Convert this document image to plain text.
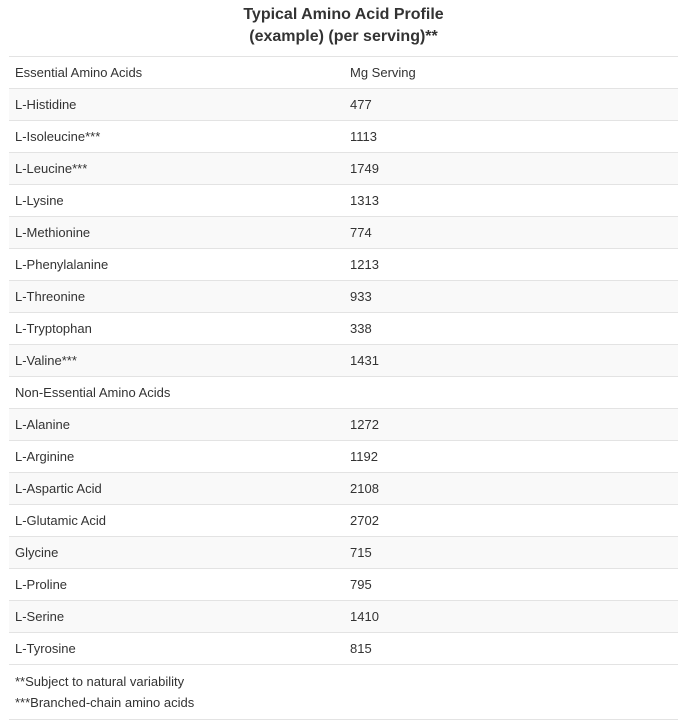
Typical Amino Acid Profile
(example) (per serving)**
Essential Amino Acids	Mg Serving
L-Histidine	477
L-Isoleucine***	1113
L-Leucine***	1749
L-Lysine	1313
L-Methionine	774
L-Phenylalanine	1213
L-Threonine	933
L-Tryptophan	338
L-Valine***	1431
Non-Essential Amino Acids	
L-Alanine	1272
L-Arginine	1192
L-Aspartic Acid	2108
L-Glutamic Acid	2702
Glycine	715
L-Proline	795
L-Serine	1410
L-Tyrosine	815
**Subject to natural variability
***Branched-chain amino acids
